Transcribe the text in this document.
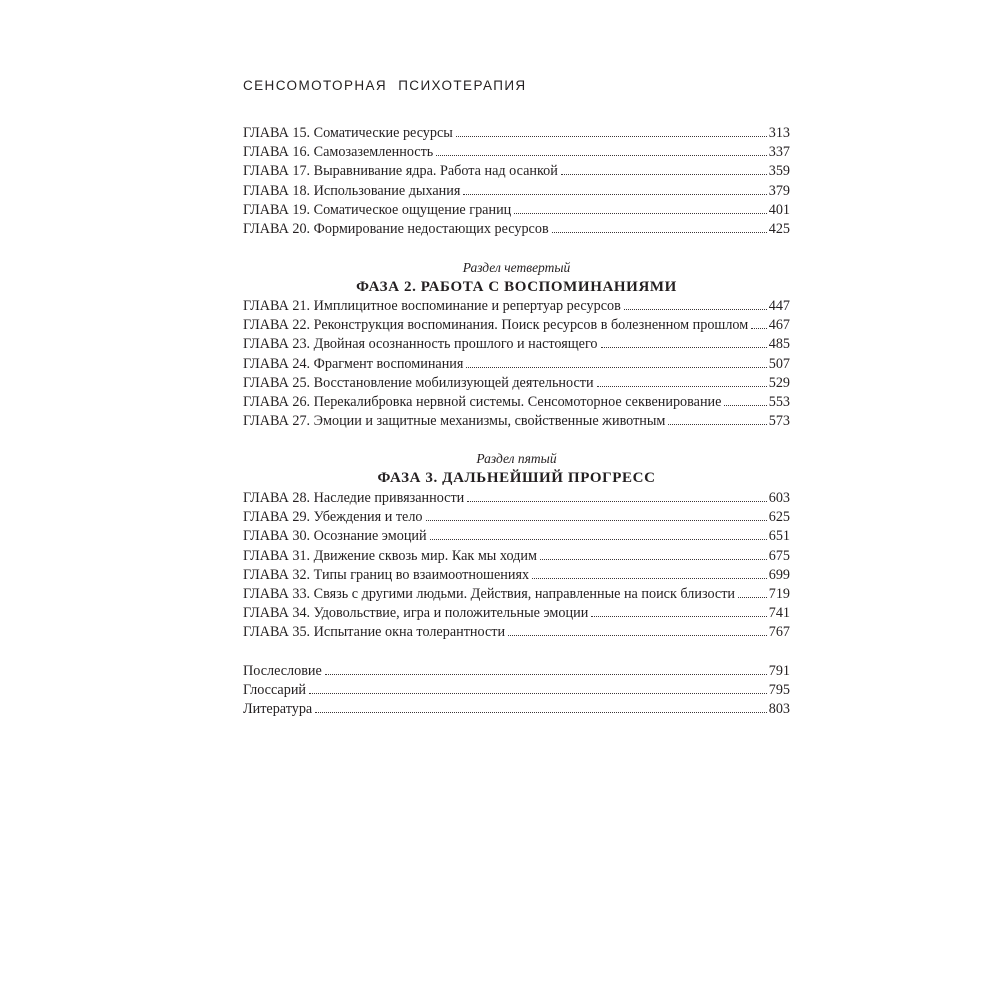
СЕНСОМОТОРНАЯ ПСИХОТЕРАПИЯ
ГЛАВА 15. Соматические ресурсы	313
ГЛАВА 16. Самозаземленность	337
ГЛАВА 17. Выравнивание ядра. Работа над осанкой	359
ГЛАВА 18. Использование дыхания	379
ГЛАВА 19. Соматическое ощущение границ	401
ГЛАВА 20. Формирование недостающих ресурсов	425
Раздел четвертый
ФАЗА 2. РАБОТА С ВОСПОМИНАНИЯМИ
ГЛАВА 21. Имплицитное воспоминание и репертуар ресурсов	447
ГЛАВА 22. Реконструкция воспоминания. Поиск ресурсов в болезненном прошлом 467
ГЛАВА 23. Двойная осознанность прошлого и настоящего	485
ГЛАВА 24. Фрагмент воспоминания	507
ГЛАВА 25. Восстановление мобилизующей деятельности	529
ГЛАВА 26. Перекалибровка нервной системы. Сенсомоторное секвенирование	553
ГЛАВА 27. Эмоции и защитные механизмы, свойственные животным	573
Раздел пятый
ФАЗА 3. ДАЛЬНЕЙШИЙ ПРОГРЕСС
ГЛАВА 28. Наследие привязанности	603
ГЛАВА 29. Убеждения и тело	625
ГЛАВА 30. Осознание эмоций	651
ГЛАВА 31. Движение сквозь мир. Как мы ходим	675
ГЛАВА 32. Типы границ во взаимоотношениях	699
ГЛАВА 33. Связь с другими людьми. Действия, направленные на поиск близости 719
ГЛАВА 34. Удовольствие, игра и положительные эмоции	741
ГЛАВА 35. Испытание окна толерантности	767
Послесловие	791
Глоссарий	795
Литература	803
